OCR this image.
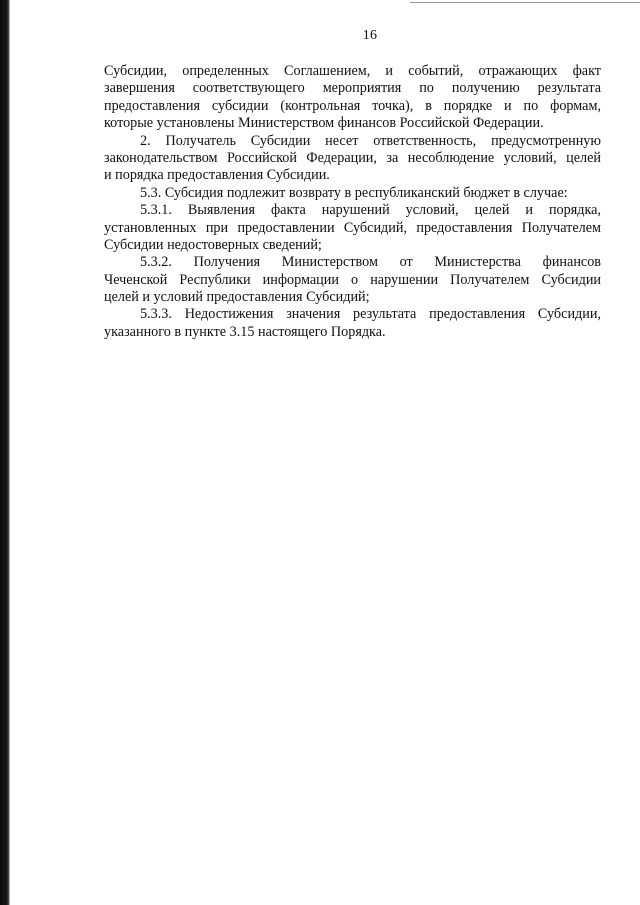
16

Субсидии, определенных Соглашением, и событий, отражающих факт
завершения соответствующего мероприятия по получению результата
предоставления субсидии (контрольная точка), в порядке и по формам,
которые установлены Министерством финансов Российской Федерации.

2. Получатель Субсидии несет ответственность, предусмотренную
законодательством Российской Федерации, за несоблюдение условий, целей
и порядка предоставления Субсидии.

5.3. Субсидия подлежит возврату в республиканский бюджет в случае:

5.3.1. Выявления факта нарушений условий, целей и порядка,
установленных при предоставлении Субсидий, предоставления Получателем
Субсидии недостоверных сведений;

5.3.2. Получения Министерством от Министерства финансов
Чеченской Республики информации о нарушении Получателем Субсидии
целей и условий предоставления Субсидий;

5.3.3. Недостижения значения результата предоставления Субсидии,
указанного в пункте 3.15 настоящего Порядка.
